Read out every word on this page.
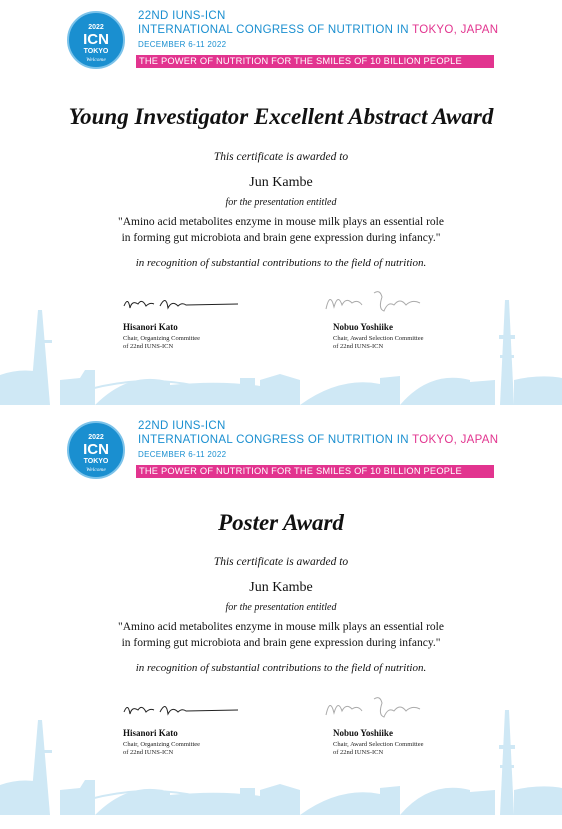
2022
ICN
TOKYO
Welcome
22ND IUNS-ICN
INTERNATIONAL CONGRESS OF NUTRITION IN TOKYO, JAPAN
DECEMBER 6-11 2022
THE POWER OF NUTRITION FOR THE SMILES OF 10 BILLION PEOPLE
Young Investigator Excellent Abstract Award
This certificate is awarded to
Jun Kambe
for the presentation entitled
"Amino acid metabolites enzyme in mouse milk plays an essential role
in forming gut microbiota and brain gene expression during infancy."
in recognition of substantial contributions to the field of nutrition.
Hisanori Kato
Chair, Organizing Committee
of 22nd IUNS-ICN
Nobuo Yoshiike
Chair, Award Selection Committee
of 22nd IUNS-ICN
2022
ICN
TOKYO
Welcome
22ND IUNS-ICN
INTERNATIONAL CONGRESS OF NUTRITION IN TOKYO, JAPAN
DECEMBER 6-11 2022
THE POWER OF NUTRITION FOR THE SMILES OF 10 BILLION PEOPLE
Poster Award
This certificate is awarded to
Jun Kambe
for the presentation entitled
"Amino acid metabolites enzyme in mouse milk plays an essential role
in forming gut microbiota and brain gene expression during infancy."
in recognition of substantial contributions to the field of nutrition.
Hisanori Kato
Chair, Organizing Committee
of 22nd IUNS-ICN
Nobuo Yoshiike
Chair, Award Selection Committee
of 22nd IUNS-ICN
